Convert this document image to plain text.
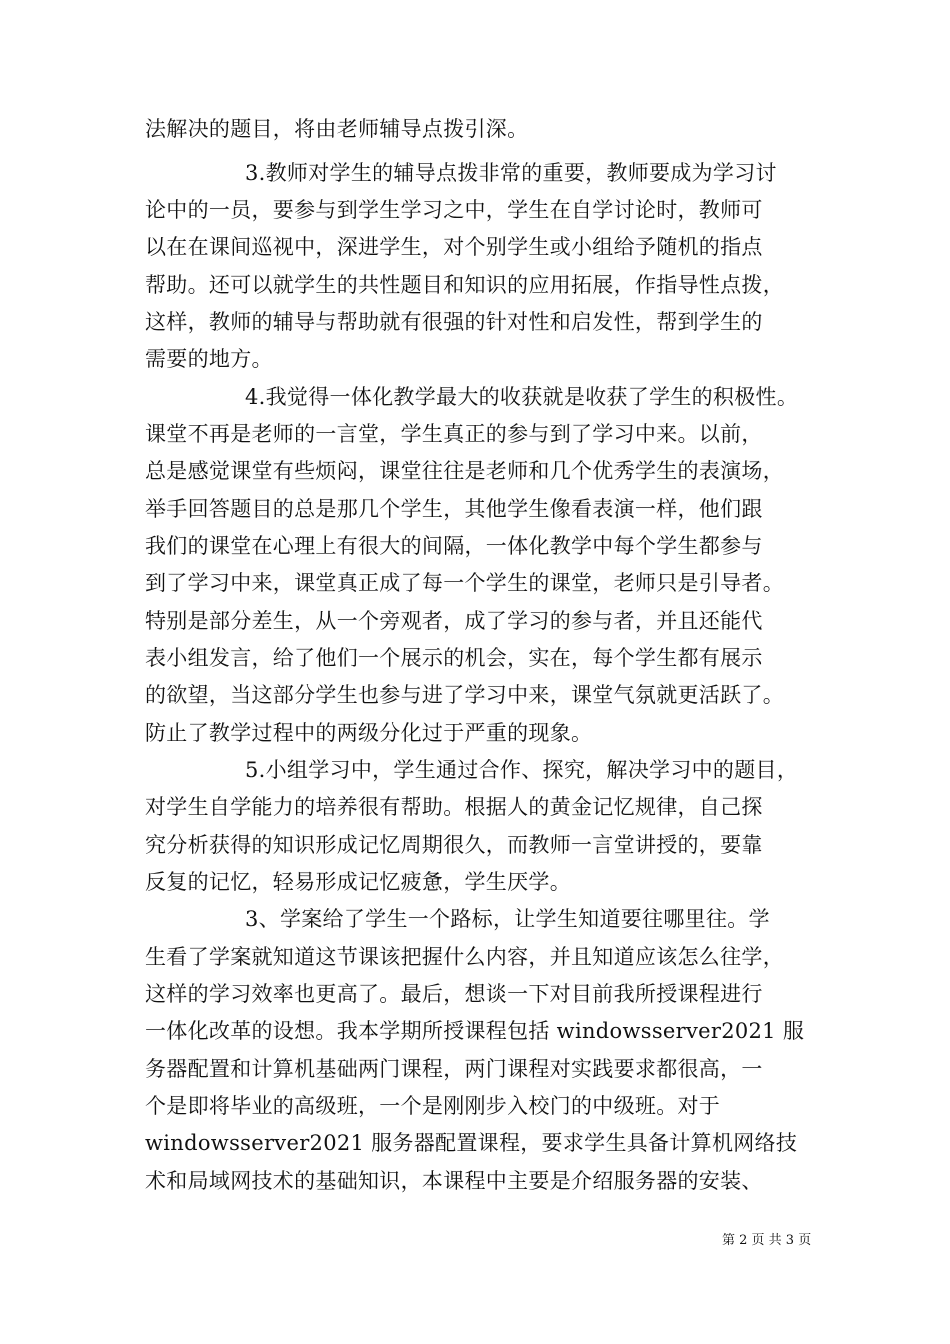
法解决的题目，将由老师辅导点拨引深。
3.教师对学生的辅导点拨非常的重要，教师要成为学习讨
论中的一员，要参与到学生学习之中，学生在自学讨论时，教师可
以在在课间巡视中，深进学生，对个别学生或小组给予随机的指点
帮助。还可以就学生的共性题目和知识的应用拓展，作指导性点拨，
这样，教师的辅导与帮助就有很强的针对性和启发性，帮到学生的
需要的地方。
4.我觉得一体化教学最大的收获就是收获了学生的积极性。
课堂不再是老师的一言堂，学生真正的参与到了学习中来。以前，
总是感觉课堂有些烦闷，课堂往往是老师和几个优秀学生的表演场，
举手回答题目的总是那几个学生，其他学生像看表演一样，他们跟
我们的课堂在心理上有很大的间隔，一体化教学中每个学生都参与
到了学习中来，课堂真正成了每一个学生的课堂，老师只是引导者。
特别是部分差生，从一个旁观者，成了学习的参与者，并且还能代
表小组发言，给了他们一个展示的机会，实在，每个学生都有展示
的欲望，当这部分学生也参与进了学习中来，课堂气氛就更活跃了。
防止了教学过程中的两级分化过于严重的现象。
5.小组学习中，学生通过合作、探究，解决学习中的题目，
对学生自学能力的培养很有帮助。根据人的黄金记忆规律，自己探
究分析获得的知识形成记忆周期很久，而教师一言堂讲授的，要靠
反复的记忆，轻易形成记忆疲惫，学生厌学。
3、学案给了学生一个路标，让学生知道要往哪里往。学
生看了学案就知道这节课该把握什么内容，并且知道应该怎么往学，
这样的学习效率也更高了。最后，想谈一下对目前我所授课程进行
一体化改革的设想。我本学期所授课程包括 windowsserver2021 服
务器配置和计算机基础两门课程，两门课程对实践要求都很高，一
个是即将毕业的高级班，一个是刚刚步入校门的中级班。对于
windowsserver2021 服务器配置课程，要求学生具备计算机网络技
术和局域网技术的基础知识，本课程中主要是介绍服务器的安装、
第 2 页 共 3 页
